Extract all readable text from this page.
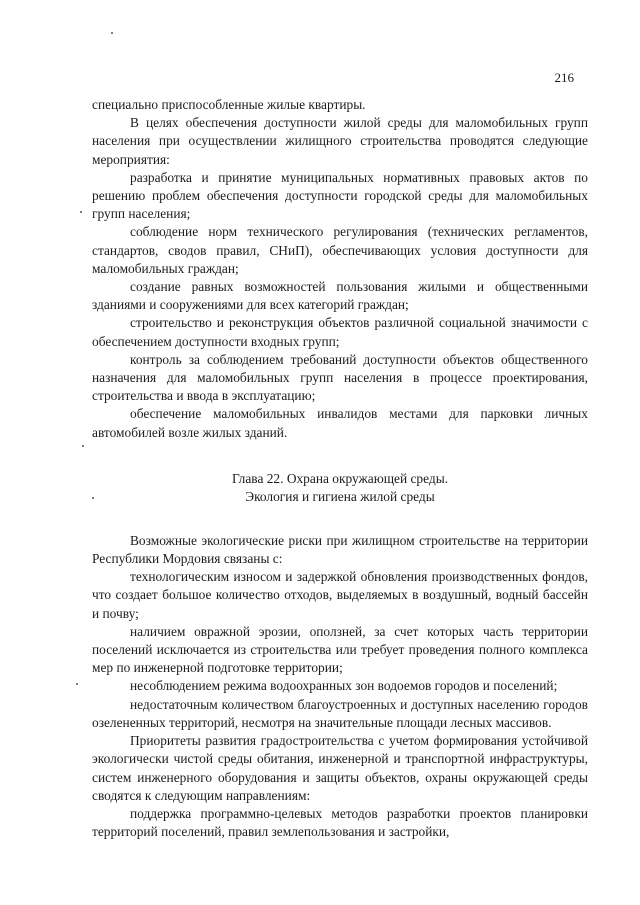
216

специально приспособленные жилые квартиры.

В целях обеспечения доступности жилой среды для маломобильных групп населения при осуществлении жилищного строительства проводятся следующие мероприятия:

разработка и принятие муниципальных нормативных правовых актов по решению проблем обеспечения доступности городской среды для маломобильных групп населения;

соблюдение норм технического регулирования (технических регламентов, стандартов, сводов правил, СНиП), обеспечивающих условия доступности для маломобильных граждан;

создание равных возможностей пользования жилыми и общественными зданиями и сооружениями для всех категорий граждан;

строительство и реконструкция объектов различной социальной значимости с обеспечением доступности входных групп;

контроль за соблюдением требований доступности объектов общественного назначения для маломобильных групп населения в процессе проектирования, строительства и ввода в эксплуатацию;

обеспечение маломобильных инвалидов местами для парковки личных автомобилей возле жилых зданий.

Глава 22. Охрана окружающей среды.
Экология и гигиена жилой среды

Возможные экологические риски при жилищном строительстве на территории Республики Мордовия связаны с:

технологическим износом и задержкой обновления производственных фондов, что создает большое количество отходов, выделяемых в воздушный, водный бассейн и почву;

наличием овражной эрозии, оползней, за счет которых часть территории поселений исключается из строительства или требует проведения полного комплекса мер по инженерной подготовке территории;

несоблюдением режима водоохранных зон водоемов городов и поселений;

недостаточным количеством благоустроенных и доступных населению городов озелененных территорий, несмотря на значительные площади лесных массивов.

Приоритеты развития градостроительства с учетом формирования устойчивой экологически чистой среды обитания, инженерной и транспортной инфраструктуры, систем инженерного оборудования и защиты объектов, охраны окружающей среды сводятся к следующим направлениям:

поддержка программно-целевых методов разработки проектов планировки территорий поселений, правил землепользования и застройки,
